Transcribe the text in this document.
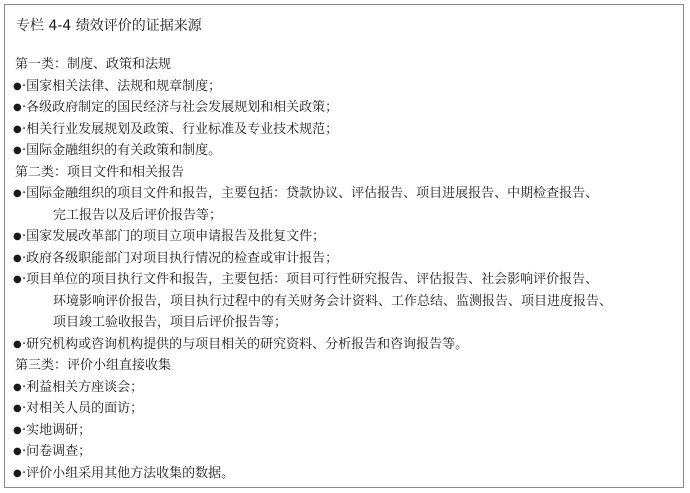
专栏 4-4 绩效评价的证据来源
第一类：制度、政策和法规
● ·国家相关法律、法规和规章制度；
● ·各级政府制定的国民经济与社会发展规划和相关政策；
● ·相关行业发展规划及政策、行业标准及专业技术规范；
● ·国际金融组织的有关政策和制度。
第二类：项目文件和相关报告
● ·国际金融组织的项目文件和报告，主要包括：贷款协议、评估报告、项目进展报告、中期检查报告、
完工报告以及后评价报告等；
● ·国家发展改革部门的项目立项申请报告及批复文件；
● ·政府各级职能部门对项目执行情况的检查或审计报告；
● ·项目单位的项目执行文件和报告，主要包括：项目可行性研究报告、评估报告、社会影响评价报告、
环境影响评价报告，项目执行过程中的有关财务会计资料、工作总结、监测报告、项目进度报告、
项目竣工验收报告，项目后评价报告等；
● ·研究机构或咨询机构提供的与项目相关的研究资料、分析报告和咨询报告等。
第三类：评价小组直接收集
● ·利益相关方座谈会；
● ·对相关人员的面访；
● ·实地调研；
● ·问卷调查；
● ·评价小组采用其他方法收集的数据。
